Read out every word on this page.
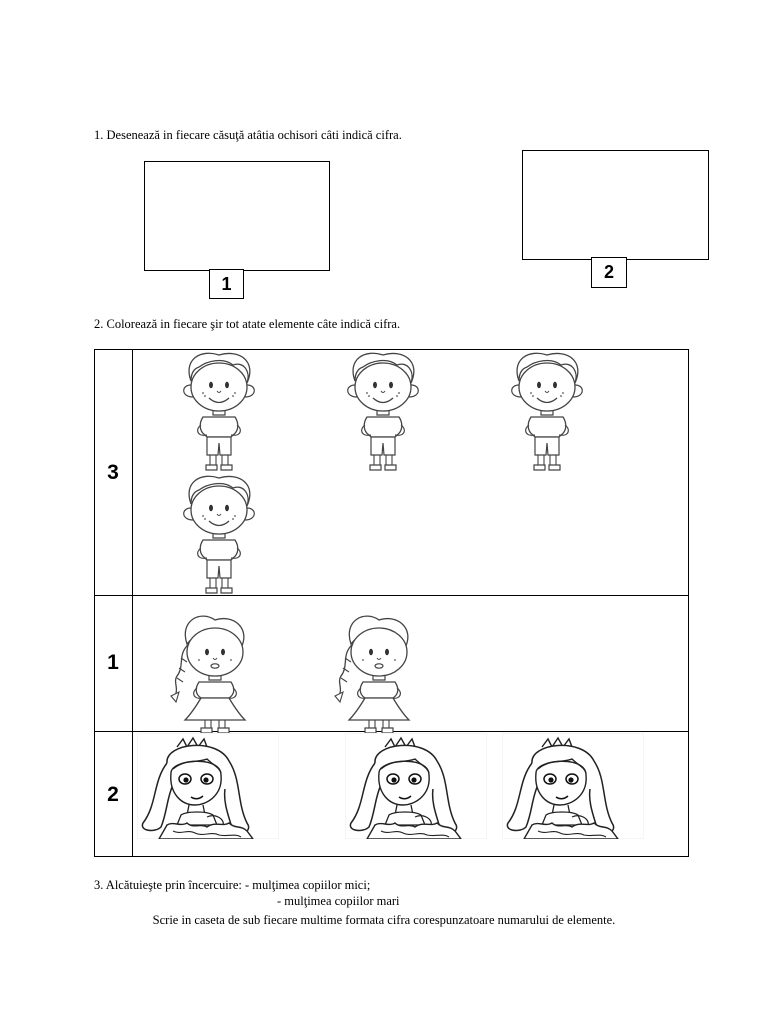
1. Desenează in fiecare căsuţă atâtia ochisori câti indică cifra.
1
2
2. Colorează in fiecare şir tot atate elemente câte indică cifra.
3
1
2
3. Alcătuieşte prin încercuire: - mulţimea copiilor mici;
- mulţimea copiilor mari
Scrie in caseta de sub fiecare multime formata cifra corespunzatoare numarului de elemente.
